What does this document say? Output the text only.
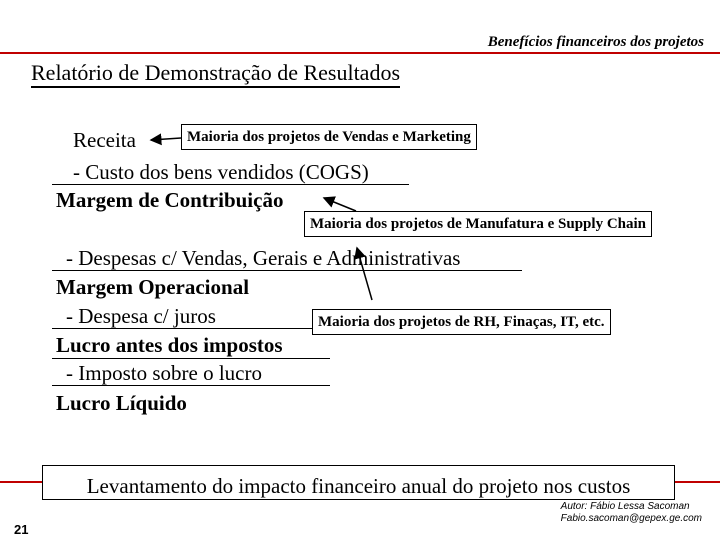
Benefícios financeiros dos projetos
Relatório de Demonstração de Resultados
Receita
- Custo dos bens vendidos (COGS)
Margem de Contribuição
- Despesas c/ Vendas, Gerais e Administrativas
Margem Operacional
- Despesa c/ juros
Lucro antes dos impostos
- Imposto sobre o lucro
Lucro Líquido
Maioria dos projetos de Vendas e Marketing
Maioria dos projetos de Manufatura e Supply Chain
Maioria dos projetos de RH, Finaças, IT, etc.
Levantamento do impacto financeiro anual do projeto nos custos
21
Autor: Fábio Lessa Sacoman
Fabio.sacoman@gepex.ge.com
